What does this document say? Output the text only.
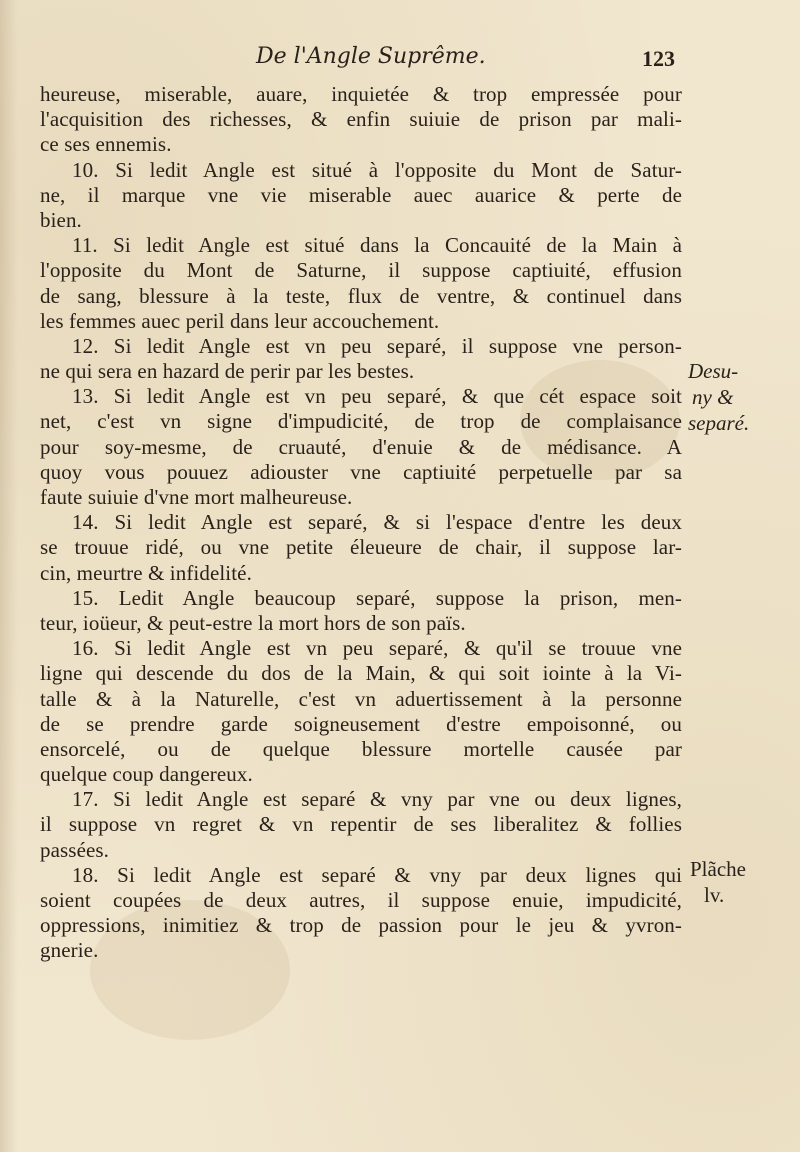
De l'Angle Suprême.	123
heureuse, miserable, auare, inquietée & trop empressée pour
l'acquisition des richesses, & enfin suiuie de prison par mali-
ce ses ennemis.
10. Si ledit Angle est situé à l'opposite du Mont de Satur-
ne, il marque vne vie miserable auec auarice & perte de
bien.
11. Si ledit Angle est situé dans la Concauité de la Main à
l'opposite du Mont de Saturne, il suppose captiuité, effusion
de sang, blessure à la teste, flux de ventre, & continuel dans
les femmes auec peril dans leur accouchement.
12. Si ledit Angle est vn peu separé, il suppose vne person-
ne qui sera en hazard de perir par les bestes.
13. Si ledit Angle est vn peu separé, & que cét espace soit
net, c'est vn signe d'impudicité, de trop de complaisance
pour soy-mesme, de cruauté, d'enuie & de médisance. A
quoy vous pouuez adiouster vne captiuité perpetuelle par sa
faute suiuie d'vne mort malheureuse.
14. Si ledit Angle est separé, & si l'espace d'entre les deux
se trouue ridé, ou vne petite éleueure de chair, il suppose lar-
cin, meurtre & infidelité.
15. Ledit Angle beaucoup separé, suppose la prison, men-
teur, ioüeur, & peut-estre la mort hors de son païs.
16. Si ledit Angle est vn peu separé, & qu'il se trouue vne
ligne qui descende du dos de la Main, & qui soit iointe à la Vi-
talle & à la Naturelle, c'est vn aduertissement à la personne
de se prendre garde soigneusement d'estre empoisonné, ou
ensorcelé, ou de quelque blessure mortelle causée par
quelque coup dangereux.
17. Si ledit Angle est separé & vny par vne ou deux lignes,
il suppose vn regret & vn repentir de ses liberalitez & follies
passées.
18. Si ledit Angle est separé & vny par deux lignes qui
soient coupées de deux autres, il suppose enuie, impudicité,
oppressions, inimitiez & trop de passion pour le jeu & yvron-
gnerie.
Desu-
ny &
separé.
Plãche
lv.
